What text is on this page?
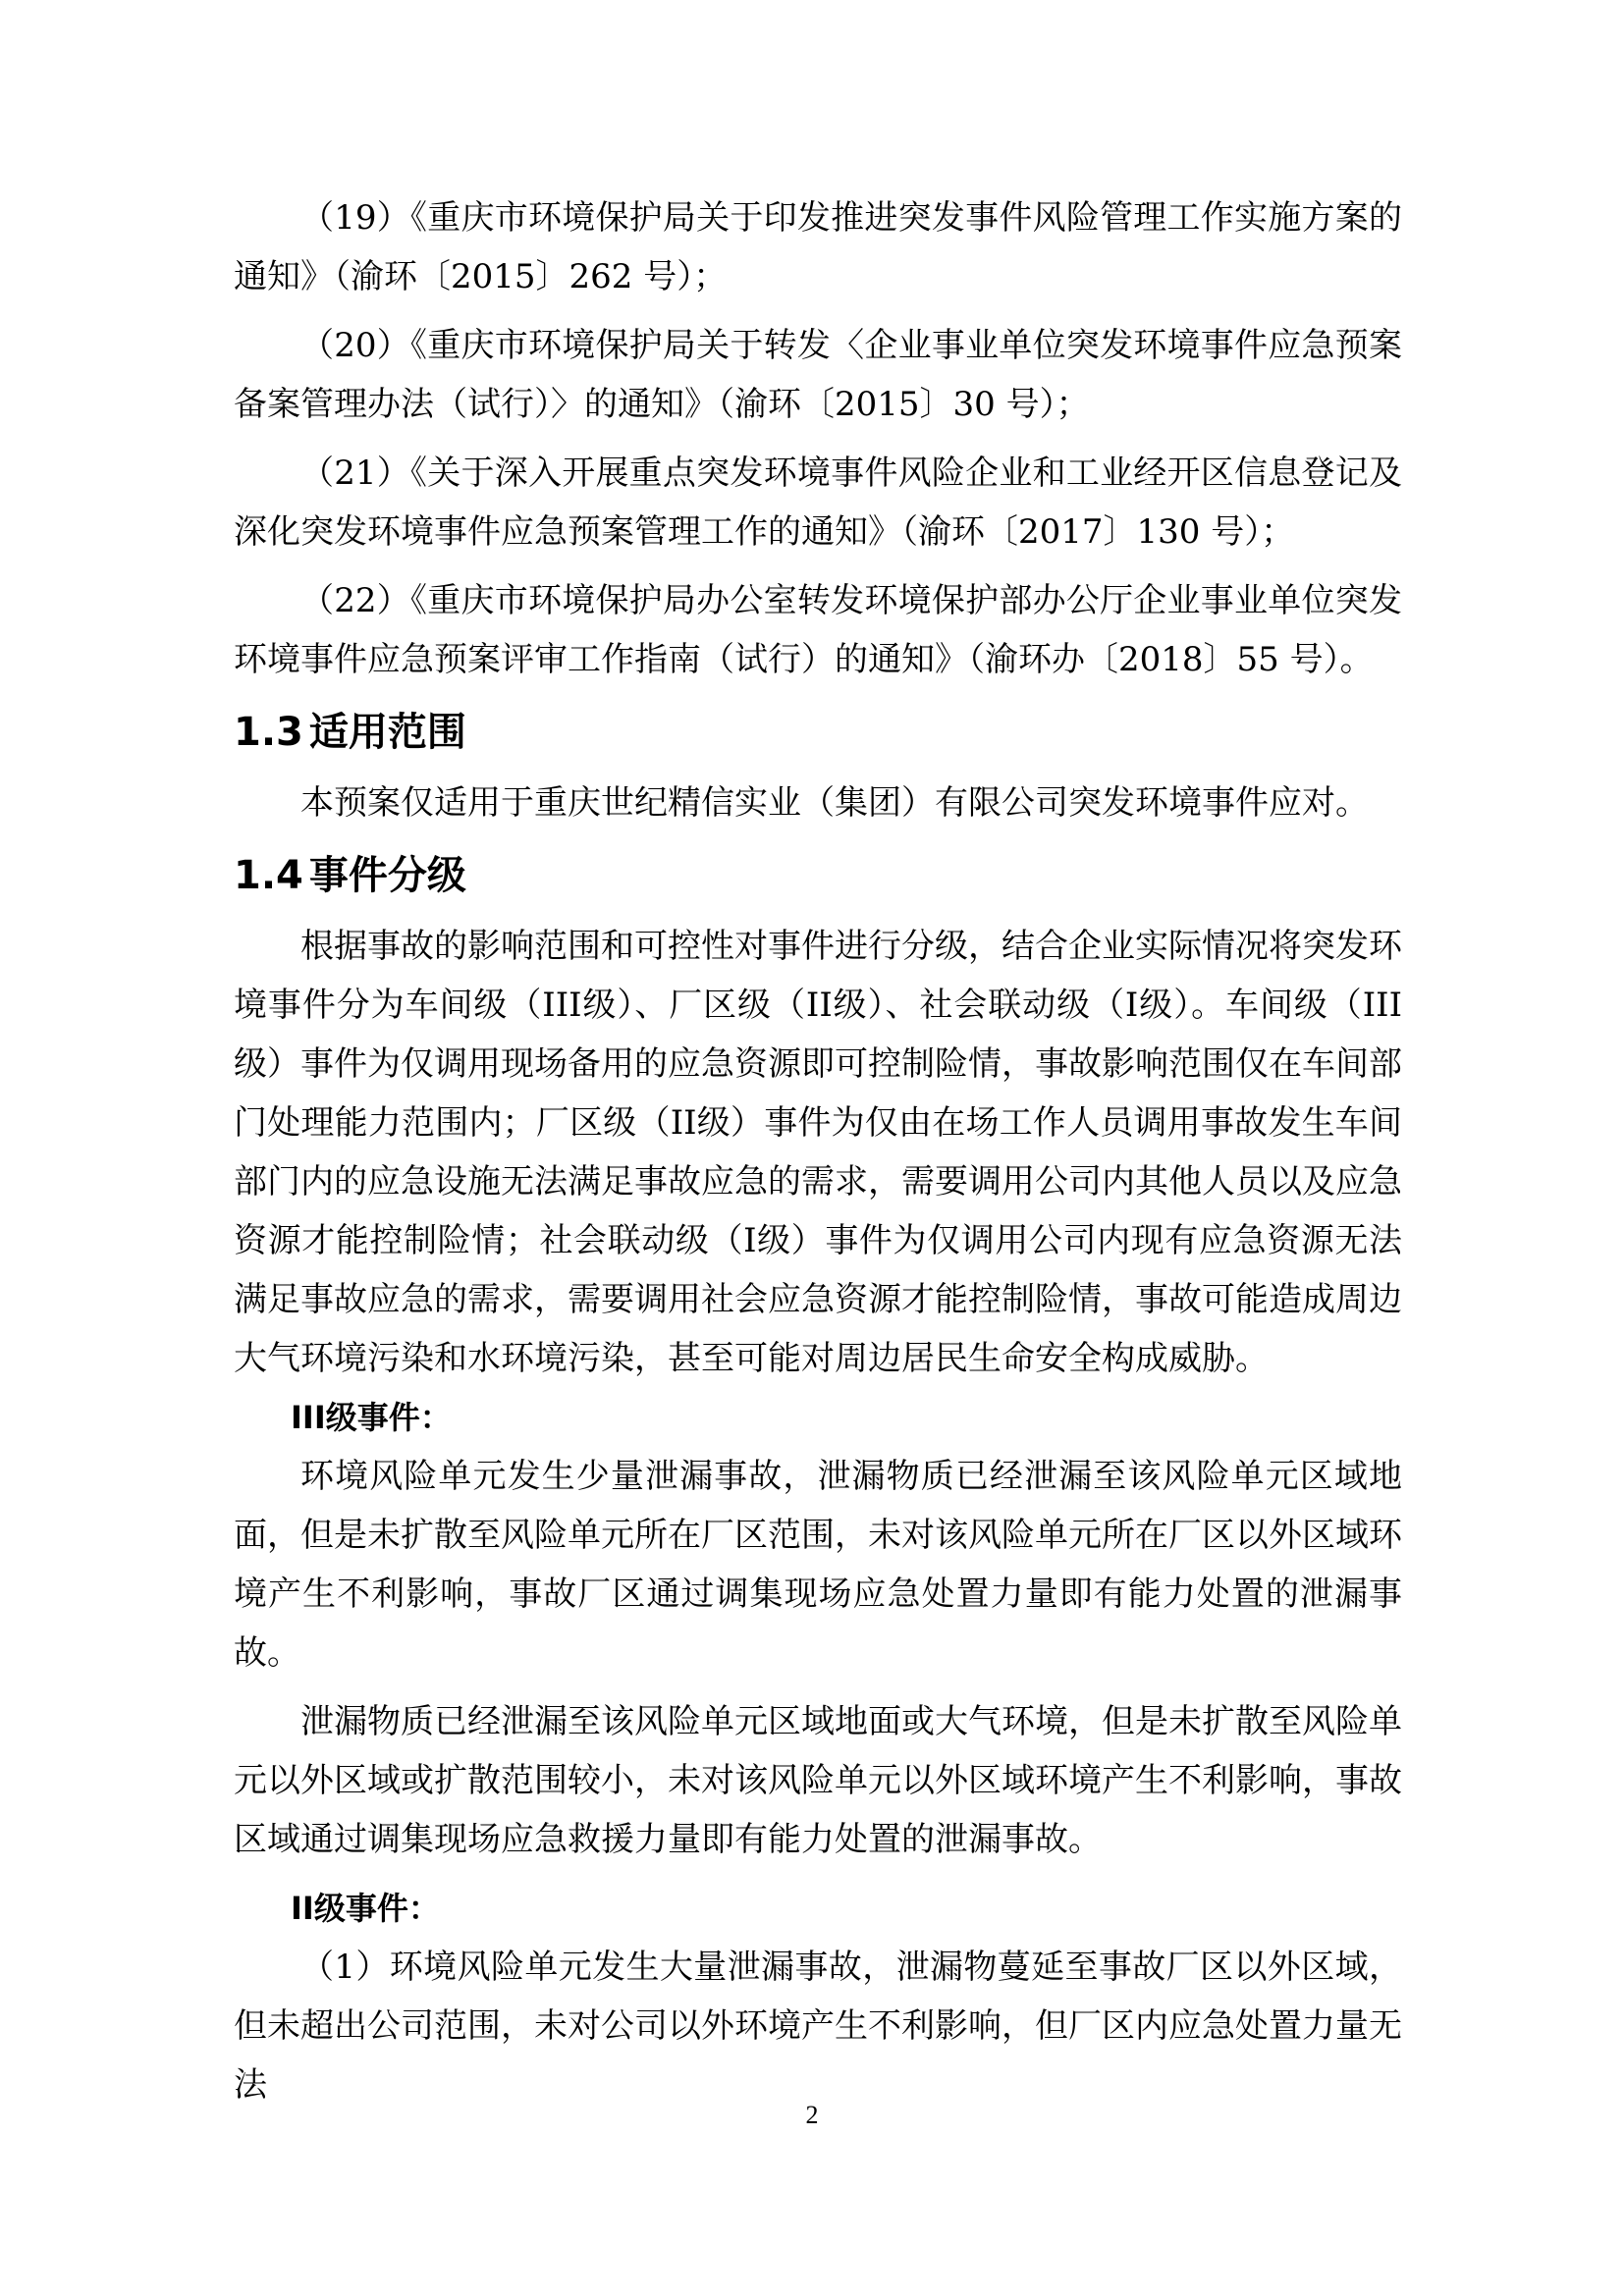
（19）《重庆市环境保护局关于印发推进突发事件风险管理工作实施方案的通知》（渝环〔2015〕262 号）；

（20）《重庆市环境保护局关于转发〈企业事业单位突发环境事件应急预案备案管理办法（试行）〉的通知》（渝环〔2015〕30 号）；

（21）《关于深入开展重点突发环境事件风险企业和工业经开区信息登记及深化突发环境事件应急预案管理工作的通知》（渝环〔2017〕130 号）；

（22）《重庆市环境保护局办公室转发环境保护部办公厅企业事业单位突发环境事件应急预案评审工作指南（试行）的通知》（渝环办〔2018〕55 号）。

1.3 适用范围

本预案仅适用于重庆世纪精信实业（集团）有限公司突发环境事件应对。

1.4 事件分级

根据事故的影响范围和可控性对事件进行分级，结合企业实际情况将突发环境事件分为车间级（III级）、厂区级（II级）、社会联动级（I级）。车间级（III级）事件为仅调用现场备用的应急资源即可控制险情，事故影响范围仅在车间部门处理能力范围内；厂区级（II级）事件为仅由在场工作人员调用事故发生车间部门内的应急设施无法满足事故应急的需求，需要调用公司内其他人员以及应急资源才能控制险情；社会联动级（I级）事件为仅调用公司内现有应急资源无法满足事故应急的需求，需要调用社会应急资源才能控制险情，事故可能造成周边大气环境污染和水环境污染，甚至可能对周边居民生命安全构成威胁。

III级事件：

环境风险单元发生少量泄漏事故，泄漏物质已经泄漏至该风险单元区域地面，但是未扩散至风险单元所在厂区范围，未对该风险单元所在厂区以外区域环境产生不利影响，事故厂区通过调集现场应急处置力量即有能力处置的泄漏事故。

泄漏物质已经泄漏至该风险单元区域地面或大气环境，但是未扩散至风险单元以外区域或扩散范围较小，未对该风险单元以外区域环境产生不利影响，事故区域通过调集现场应急救援力量即有能力处置的泄漏事故。

II级事件：

（1）环境风险单元发生大量泄漏事故，泄漏物蔓延至事故厂区以外区域，但未超出公司范围，未对公司以外环境产生不利影响，但厂区内应急处置力量无法

2
